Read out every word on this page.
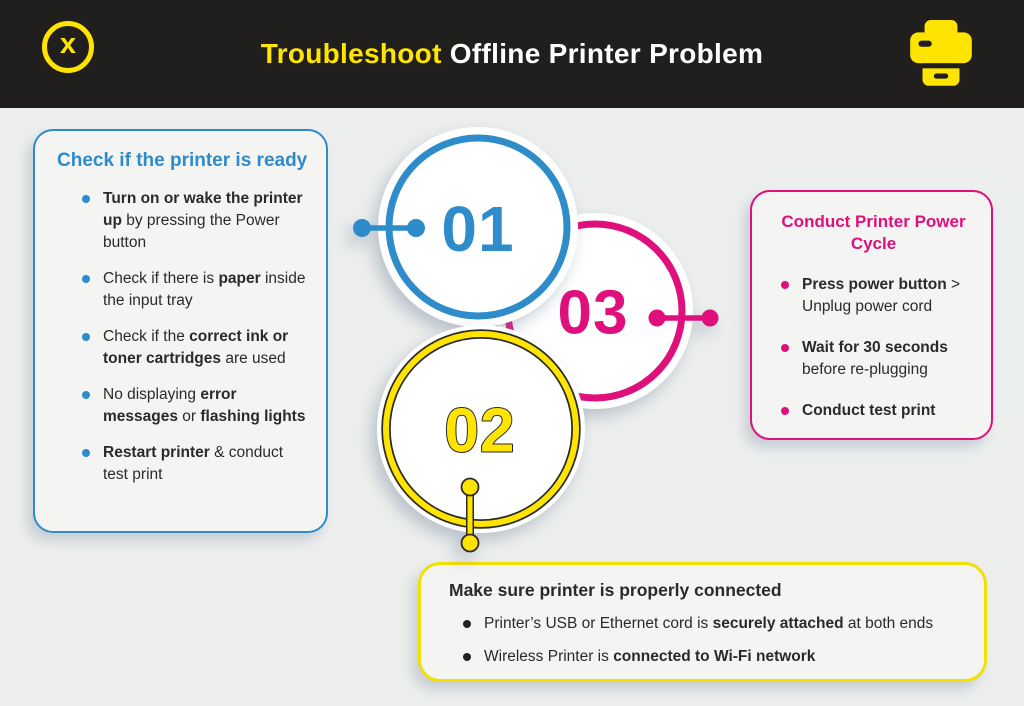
x	Troubleshoot Offline Printer Problem
Check if the printer is ready
Turn on or wake the printer up by pressing the Power button
Check if there is paper inside the input tray
Check if the correct ink or toner cartridges are used
No displaying error messages or flashing lights
Restart printer & conduct test print
Conduct Printer Power Cycle
Press power button > Unplug power cord
Wait for 30 seconds before re-plugging
Conduct test print
Make sure printer is properly connected
Printer’s USB or Ethernet cord is securely attached at both ends
Wireless Printer is connected to Wi-Fi network
03
01
02
